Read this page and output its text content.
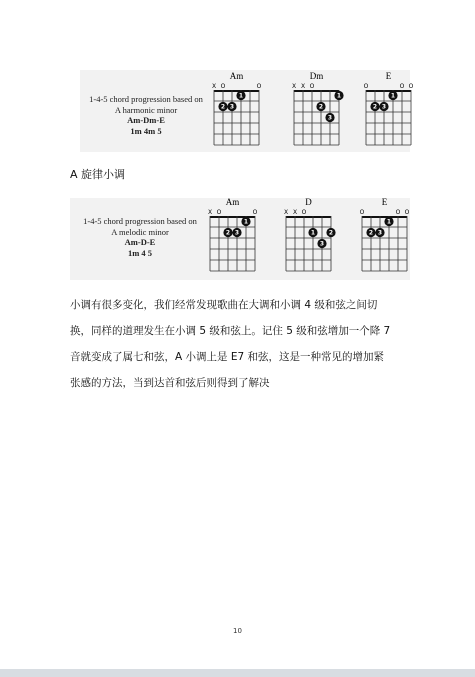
1-4-5 chord progression based on
A harmonic minor
Am-Dm-E
1m 4m 5
Am
X O	O
1
2 3
Dm
X X O
1
2
3
E
O	O O
1
2 3
A 旋律小调
1-4-5 chord progression based on
A melodic minor
Am-D-E
1m 4 5
Am
X O	O
1
2 3
D
X X O
1 2
3
E
O	O O
1
2 3
小调有很多变化，我们经常发现歌曲在大调和小调 4 级和弦之间切
换，同样的道理发生在小调 5 级和弦上。记住 5 级和弦增加一个降 7
音就变成了属七和弦，A 小调上是 E7 和弦，这是一种常见的增加紧
张感的方法，当到达首和弦后则得到了解决
10
